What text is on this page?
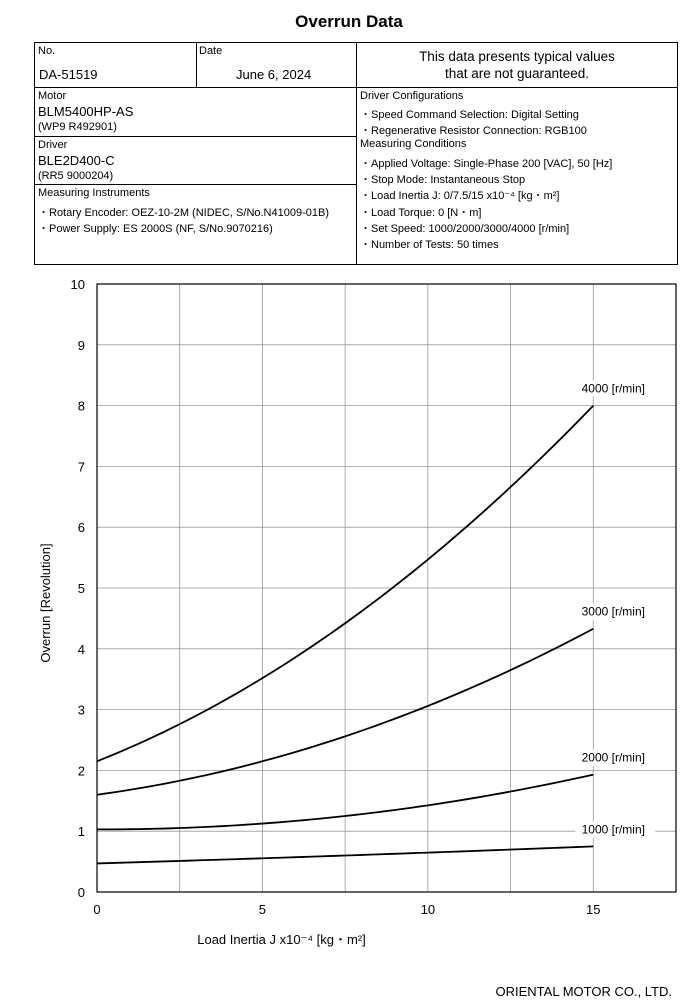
Overrun Data
No.
DA-51519
Date
June 6, 2024
This data presents typical values
that are not guaranteed.
Motor
BLM5400HP-AS
(WP9 R492901)
Driver
BLE2D400-C
(RR5 9000204)
Measuring Instruments
・Rotary Encoder: OEZ-10-2M (NIDEC, S/No.N41009-01B)
・Power Supply: ES 2000S (NF, S/No.9070216)
Driver Configurations
・Speed Command Selection: Digital Setting
・Regenerative Resistor Connection: RGB100
Measuring Conditions
・Applied Voltage: Single-Phase 200 [VAC], 50 [Hz]
・Stop Mode: Instantaneous Stop
・Load Inertia J: 0/7.5/15 x10⁻⁴ [kg・m²]
・Load Torque: 0 [N・m]
・Set Speed: 1000/2000/3000/4000 [r/min]
・Number of Tests: 50 times
0
1
2
3
4
5
6
7
8
9
10
0	5	10	15
1000 [r/min]
2000 [r/min]
3000 [r/min]
4000 [r/min]
Load Inertia J x10⁻⁴ [kg・m²]
Overrun [Revolution]
ORIENTAL MOTOR CO., LTD.
